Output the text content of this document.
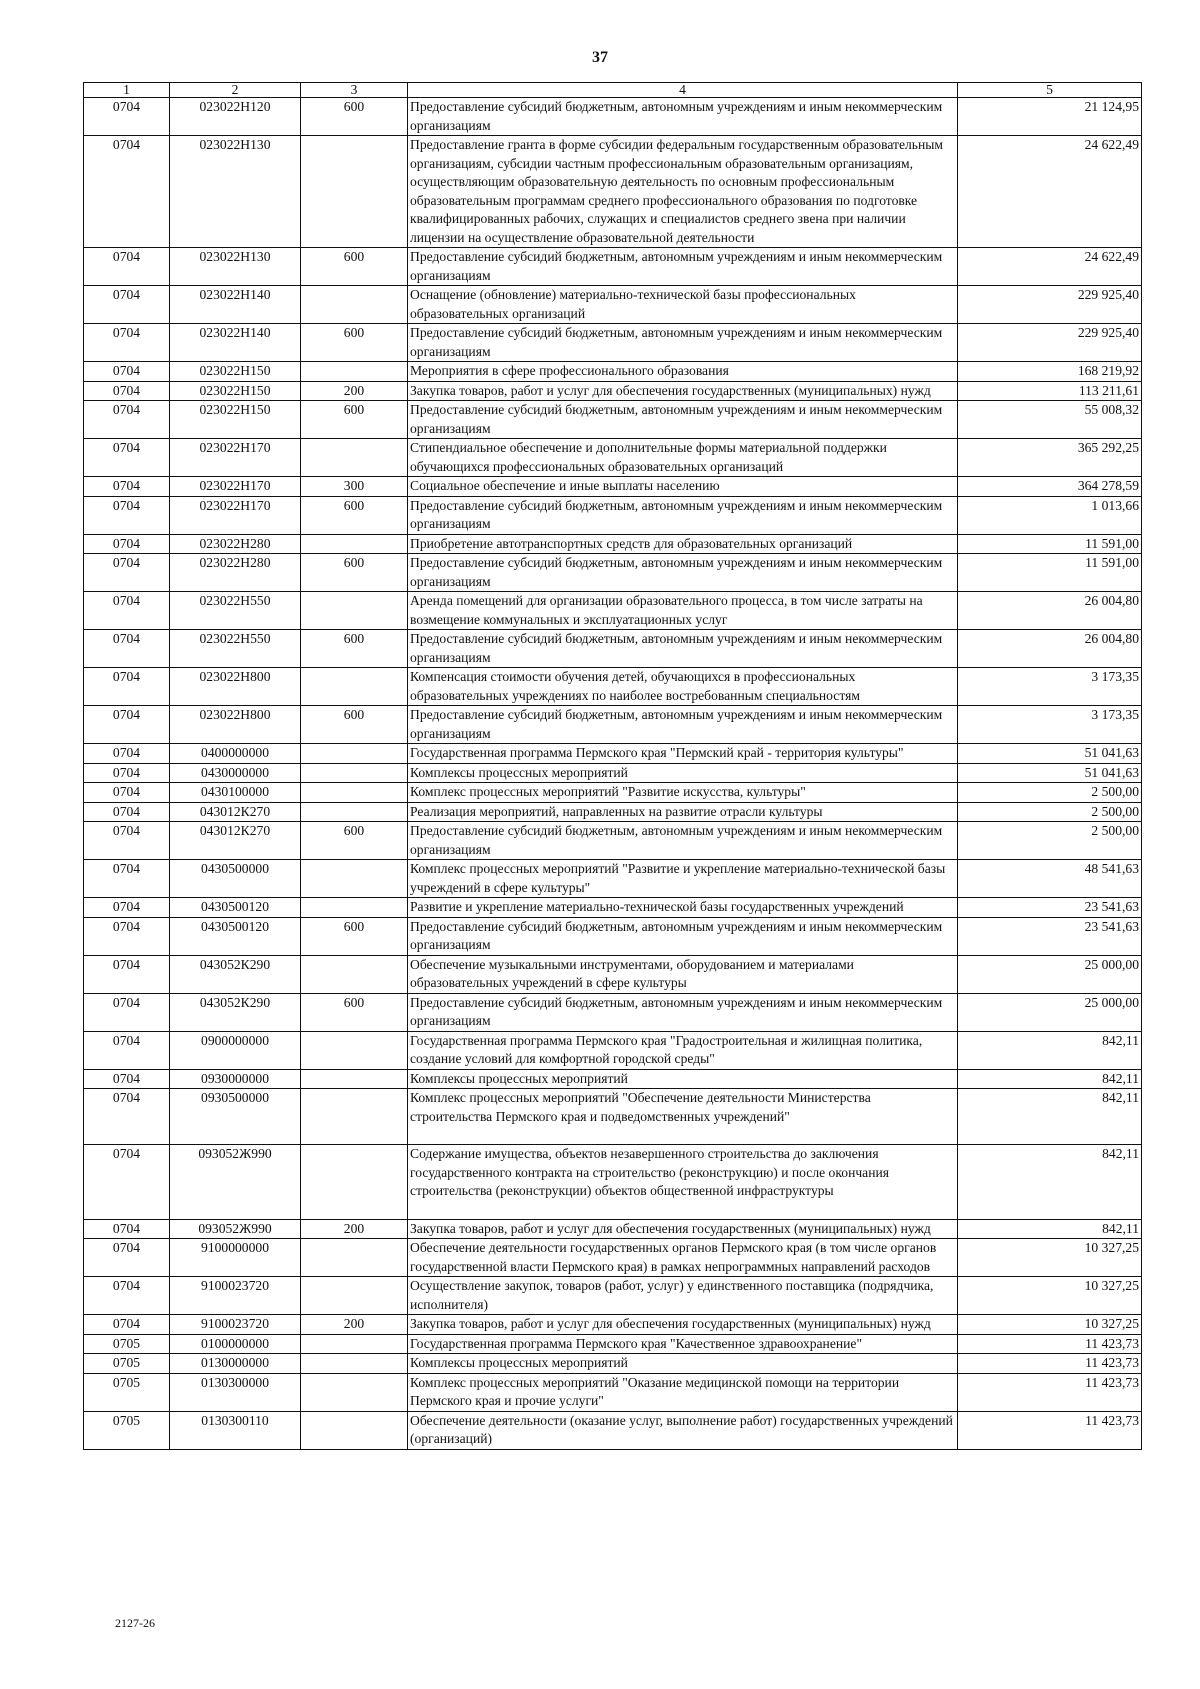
37
1	2	3	4	5
0704	023022Н120	600	Предоставление субсидий бюджетным, автономным учреждениям и иным некоммерческим организациям	21 124,95
0704	023022Н130		Предоставление гранта в форме субсидии федеральным государственным образовательным организациям, субсидии частным профессиональным образовательным организациям, осуществляющим образовательную деятельность по основным профессиональным образовательным программам среднего профессионального образования по подготовке квалифицированных рабочих, служащих и специалистов среднего звена при наличии лицензии на осуществление образовательной деятельности	24 622,49
0704	023022Н130	600	Предоставление субсидий бюджетным, автономным учреждениям и иным некоммерческим организациям	24 622,49
0704	023022Н140		Оснащение (обновление) материально-технической базы профессиональных образовательных организаций	229 925,40
0704	023022Н140	600	Предоставление субсидий бюджетным, автономным учреждениям и иным некоммерческим организациям	229 925,40
0704	023022Н150		Мероприятия в сфере профессионального образования	168 219,92
0704	023022Н150	200	Закупка товаров, работ и услуг для обеспечения государственных (муниципальных) нужд	113 211,61
0704	023022Н150	600	Предоставление субсидий бюджетным, автономным учреждениям и иным некоммерческим организациям	55 008,32
0704	023022Н170		Стипендиальное обеспечение и дополнительные формы материальной поддержки обучающихся профессиональных образовательных организаций	365 292,25
0704	023022Н170	300	Социальное обеспечение и иные выплаты населению	364 278,59
0704	023022Н170	600	Предоставление субсидий бюджетным, автономным учреждениям и иным некоммерческим организациям	1 013,66
0704	023022Н280		Приобретение автотранспортных средств для образовательных организаций	11 591,00
0704	023022Н280	600	Предоставление субсидий бюджетным, автономным учреждениям и иным некоммерческим организациям	11 591,00
0704	023022Н550		Аренда помещений для организации образовательного процесса, в том числе затраты на возмещение коммунальных и эксплуатационных услуг	26 004,80
0704	023022Н550	600	Предоставление субсидий бюджетным, автономным учреждениям и иным некоммерческим организациям	26 004,80
0704	023022Н800		Компенсация стоимости обучения детей, обучающихся в профессиональных образовательных учреждениях по наиболее востребованным специальностям	3 173,35
0704	023022Н800	600	Предоставление субсидий бюджетным, автономным учреждениям и иным некоммерческим организациям	3 173,35
0704	0400000000		Государственная программа Пермского края "Пермский край - территория культуры"	51 041,63
0704	0430000000		Комплексы процессных мероприятий	51 041,63
0704	0430100000		Комплекс процессных мероприятий "Развитие искусства, культуры"	2 500,00
0704	043012К270		Реализация мероприятий, направленных на развитие отрасли культуры	2 500,00
0704	043012К270	600	Предоставление субсидий бюджетным, автономным учреждениям и иным некоммерческим организациям	2 500,00
0704	0430500000		Комплекс процессных мероприятий "Развитие и укрепление материально-технической базы учреждений в сфере культуры"	48 541,63
0704	0430500120		Развитие и укрепление материально-технической базы государственных учреждений	23 541,63
0704	0430500120	600	Предоставление субсидий бюджетным, автономным учреждениям и иным некоммерческим организациям	23 541,63
0704	043052К290		Обеспечение музыкальными инструментами, оборудованием и материалами образовательных учреждений в сфере культуры	25 000,00
0704	043052К290	600	Предоставление субсидий бюджетным, автономным учреждениям и иным некоммерческим организациям	25 000,00
0704	0900000000		Государственная программа Пермского края "Градостроительная и жилищная политика, создание условий для комфортной городской среды"	842,11
0704	0930000000		Комплексы процессных мероприятий	842,11
0704	0930500000		Комплекс процессных мероприятий "Обеспечение деятельности Министерства строительства Пермского края и подведомственных учреждений"	842,11
0704	093052Ж990		Содержание имущества, объектов незавершенного строительства до заключения государственного контракта на строительство (реконструкцию) и после окончания строительства (реконструкции) объектов общественной инфраструктуры	842,11
0704	093052Ж990	200	Закупка товаров, работ и услуг для обеспечения государственных (муниципальных) нужд	842,11
0704	9100000000		Обеспечение деятельности государственных органов Пермского края (в том числе органов государственной власти Пермского края) в рамках непрограммных направлений расходов	10 327,25
0704	9100023720		Осуществление закупок, товаров (работ, услуг) у единственного поставщика (подрядчика, исполнителя)	10 327,25
0704	9100023720	200	Закупка товаров, работ и услуг для обеспечения государственных (муниципальных) нужд	10 327,25
0705	0100000000		Государственная программа Пермского края "Качественное здравоохранение"	11 423,73
0705	0130000000		Комплексы процессных мероприятий	11 423,73
0705	0130300000		Комплекс процессных мероприятий "Оказание медицинской помощи на территории Пермского края и прочие услуги"	11 423,73
0705	0130300110		Обеспечение деятельности (оказание услуг, выполнение работ) государственных учреждений (организаций)	11 423,73
2127-26
